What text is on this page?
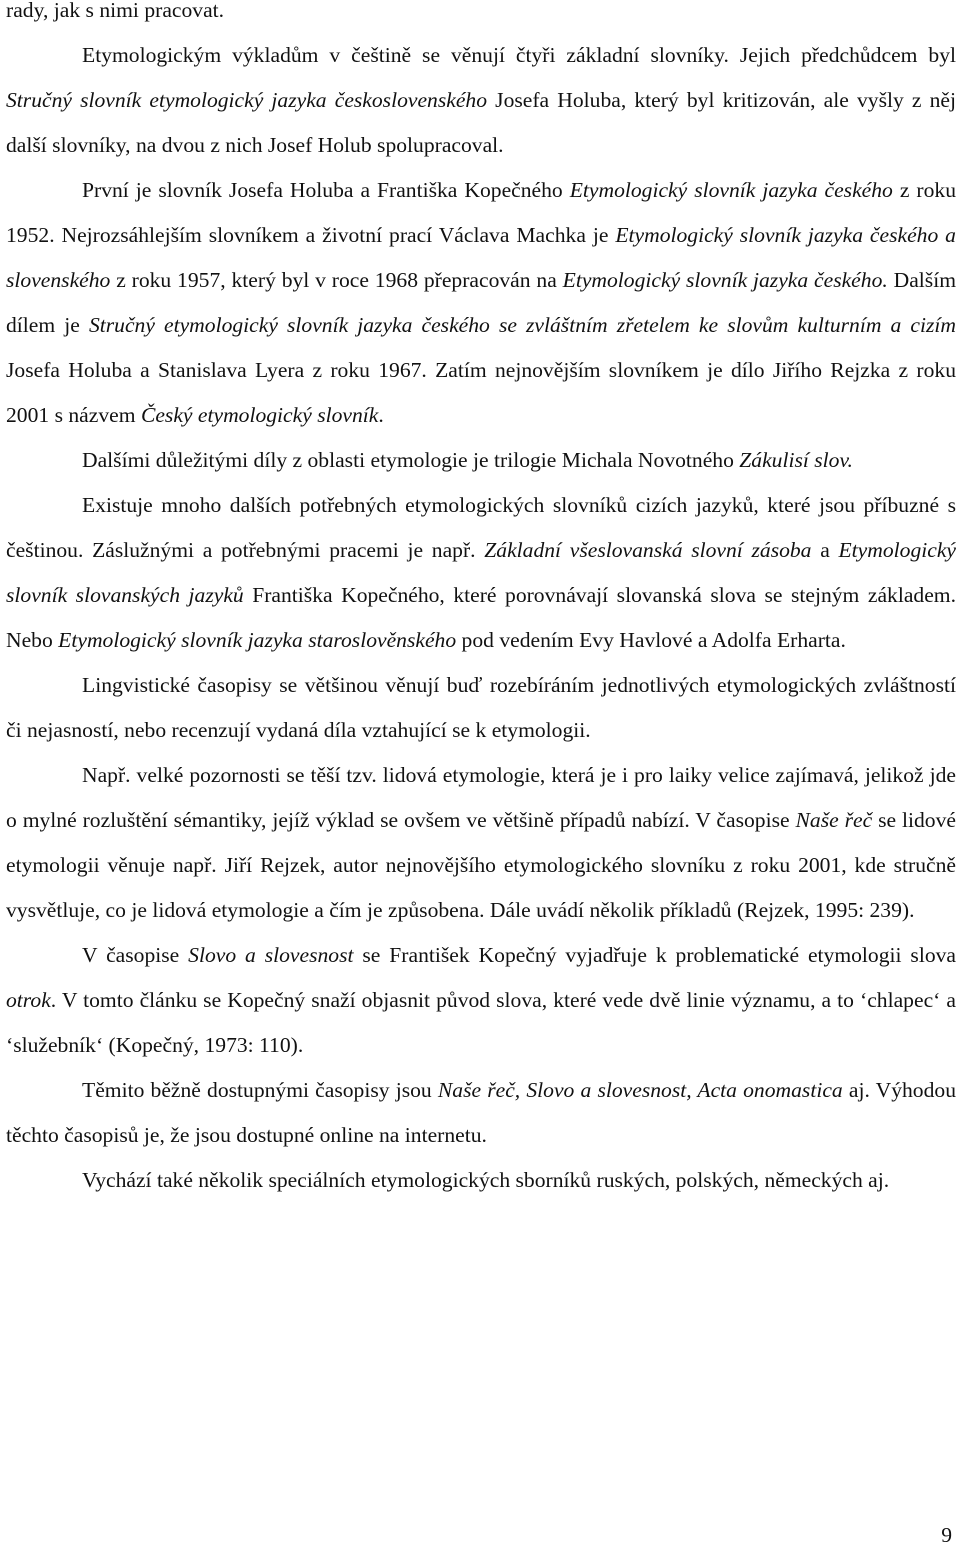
rady, jak s nimi pracovat.

Etymologickým výkladům v češtině se věnují čtyři základní slovníky. Jejich předchůdcem byl Stručný slovník etymologický jazyka československého Josefa Holuba, který byl kritizován, ale vyšly z něj další slovníky, na dvou z nich Josef Holub spolupracoval.

První je slovník Josefa Holuba a Františka Kopečného Etymologický slovník jazyka českého z roku 1952. Nejrozsáhlejším slovníkem a životní prací Václava Machka je Etymologický slovník jazyka českého a slovenského z roku 1957, který byl v roce 1968 přepracován na Etymologický slovník jazyka českého. Dalším dílem je Stručný etymologický slovník jazyka českého se zvláštním zřetelem ke slovům kulturním a cizím Josefa Holuba a Stanislava Lyera z roku 1967. Zatím nejnovějším slovníkem je dílo Jiřího Rejzka z roku 2001 s názvem Český etymologický slovník.

Dalšími důležitými díly z oblasti etymologie je trilogie Michala Novotného Zákulisí slov.

Existuje mnoho dalších potřebných etymologických slovníků cizích jazyků, které jsou příbuzné s češtinou. Záslužnými a potřebnými pracemi je např. Základní všeslovanská slovní zásoba a Etymologický slovník slovanských jazyků Františka Kopečného, které porovnávají slovanská slova se stejným základem. Nebo Etymologický slovník jazyka staroslověnského pod vedením Evy Havlové a Adolfa Erharta.

Lingvistické časopisy se většinou věnují buď rozebíráním jednotlivých etymologických zvláštností či nejasností, nebo recenzují vydaná díla vztahující se k etymologii.

Např. velké pozornosti se těší tzv. lidová etymologie, která je i pro laiky velice zajímavá, jelikož jde o mylné rozluštění sémantiky, jejíž výklad se ovšem ve většině případů nabízí. V časopise Naše řeč se lidové etymologii věnuje např. Jiří Rejzek, autor nejnovějšího etymologického slovníku z roku 2001, kde stručně vysvětluje, co je lidová etymologie a čím je způsobena. Dále uvádí několik příkladů (Rejzek, 1995: 239).

V časopise Slovo a slovesnost se František Kopečný vyjadřuje k problematické etymologii slova otrok. V tomto článku se Kopečný snaží objasnit původ slova, které vede dvě linie významu, a to ‘chlapec‘ a ‘služebník‘ (Kopečný, 1973: 110).

Těmito běžně dostupnými časopisy jsou Naše řeč, Slovo a slovesnost, Acta onomastica aj. Výhodou těchto časopisů je, že jsou dostupné online na internetu.

Vychází také několik speciálních etymologických sborníků ruských, polských, německých aj.

9
